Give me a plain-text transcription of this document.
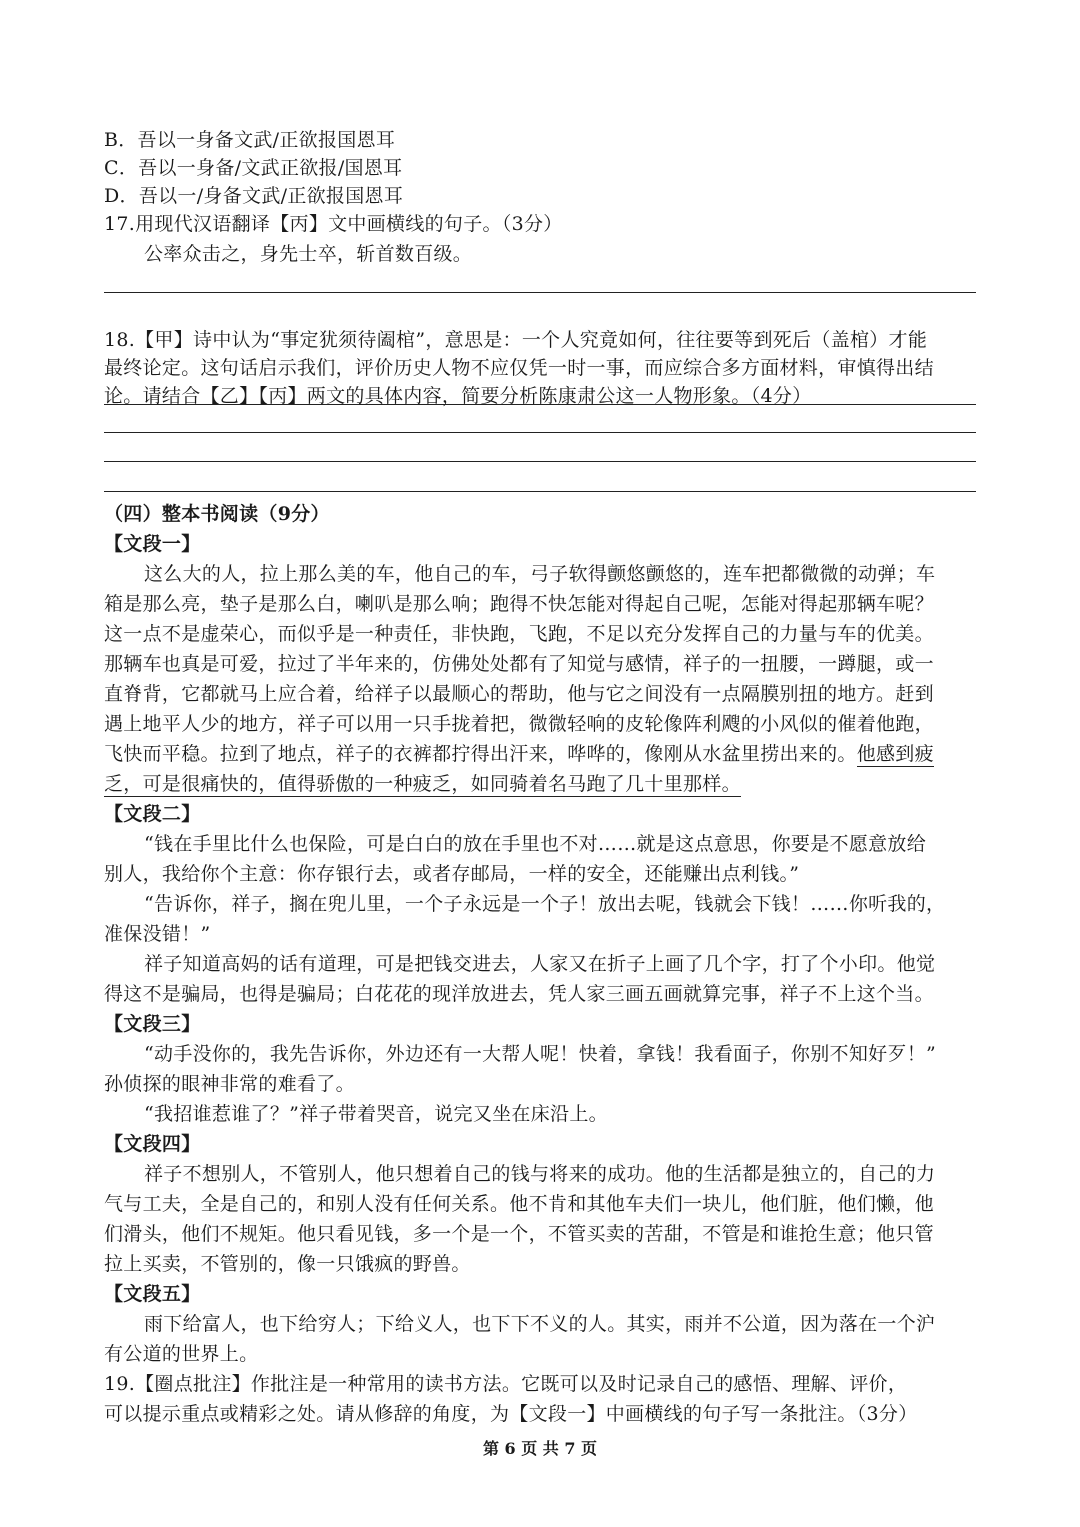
B．吾以一身备文武/正欲报国恩耳
C．吾以一身备/文武正欲报/国恩耳
D．吾以一/身备文武/正欲报国恩耳
17.用现代汉语翻译【丙】文中画横线的句子。（3分）
公率众击之，身先士卒，斩首数百级。
18.【甲】诗中认为“事定犹须待阖棺”，意思是：一个人究竟如何，往往要等到死后（盖棺）才能
最终论定。这句话启示我们，评价历史人物不应仅凭一时一事，而应综合多方面材料，审慎得出结
论。请结合【乙】【丙】两文的具体内容，简要分析陈康肃公这一人物形象。（4分）
（四）整本书阅读（9分）
【文段一】
这么大的人，拉上那么美的车，他自己的车，弓子软得颤悠颤悠的，连车把都微微的动弹；车
箱是那么亮，垫子是那么白，喇叭是那么响；跑得不快怎能对得起自己呢，怎能对得起那辆车呢？
这一点不是虚荣心，而似乎是一种责任，非快跑，飞跑，不足以充分发挥自己的力量与车的优美。
那辆车也真是可爱，拉过了半年来的，仿佛处处都有了知觉与感情，祥子的一扭腰，一蹲腿，或一
直脊背，它都就马上应合着，给祥子以最顺心的帮助，他与它之间没有一点隔膜别扭的地方。赶到
遇上地平人少的地方，祥子可以用一只手拢着把，微微轻响的皮轮像阵利飕的小风似的催着他跑，
飞快而平稳。拉到了地点，祥子的衣裤都拧得出汗来，哗哗的，像刚从水盆里捞出来的。他感到疲
乏，可是很痛快的，值得骄傲的一种疲乏，如同骑着名马跑了几十里那样。
【文段二】
“钱在手里比什么也保险，可是白白的放在手里也不对……就是这点意思，你要是不愿意放给
别人，我给你个主意：你存银行去，或者存邮局，一样的安全，还能赚出点利钱。”
“告诉你，祥子，搁在兜儿里，一个子永远是一个子！放出去呢，钱就会下钱！……你听我的，
准保没错！”
祥子知道高妈的话有道理，可是把钱交进去，人家又在折子上画了几个字，打了个小印。他觉
得这不是骗局，也得是骗局；白花花的现洋放进去，凭人家三画五画就算完事，祥子不上这个当。
【文段三】
“动手没你的，我先告诉你，外边还有一大帮人呢！快着，拿钱！我看面子，你别不知好歹！”
孙侦探的眼神非常的难看了。
“我招谁惹谁了？”祥子带着哭音，说完又坐在床沿上。
【文段四】
祥子不想别人，不管别人，他只想着自己的钱与将来的成功。他的生活都是独立的，自己的力
气与工夫，全是自己的，和别人没有任何关系。他不肯和其他车夫们一块儿，他们脏，他们懒，他
们滑头，他们不规矩。他只看见钱，多一个是一个，不管买卖的苦甜，不管是和谁抢生意；他只管
拉上买卖，不管别的，像一只饿疯的野兽。
【文段五】
雨下给富人，也下给穷人；下给义人，也下下不义的人。其实，雨并不公道，因为落在一个沪
有公道的世界上。
19.【圈点批注】作批注是一种常用的读书方法。它既可以及时记录自己的感悟、理解、评价，
可以提示重点或精彩之处。请从修辞的角度，为【文段一】中画横线的句子写一条批注。（3分）
第 6 页 共 7 页
